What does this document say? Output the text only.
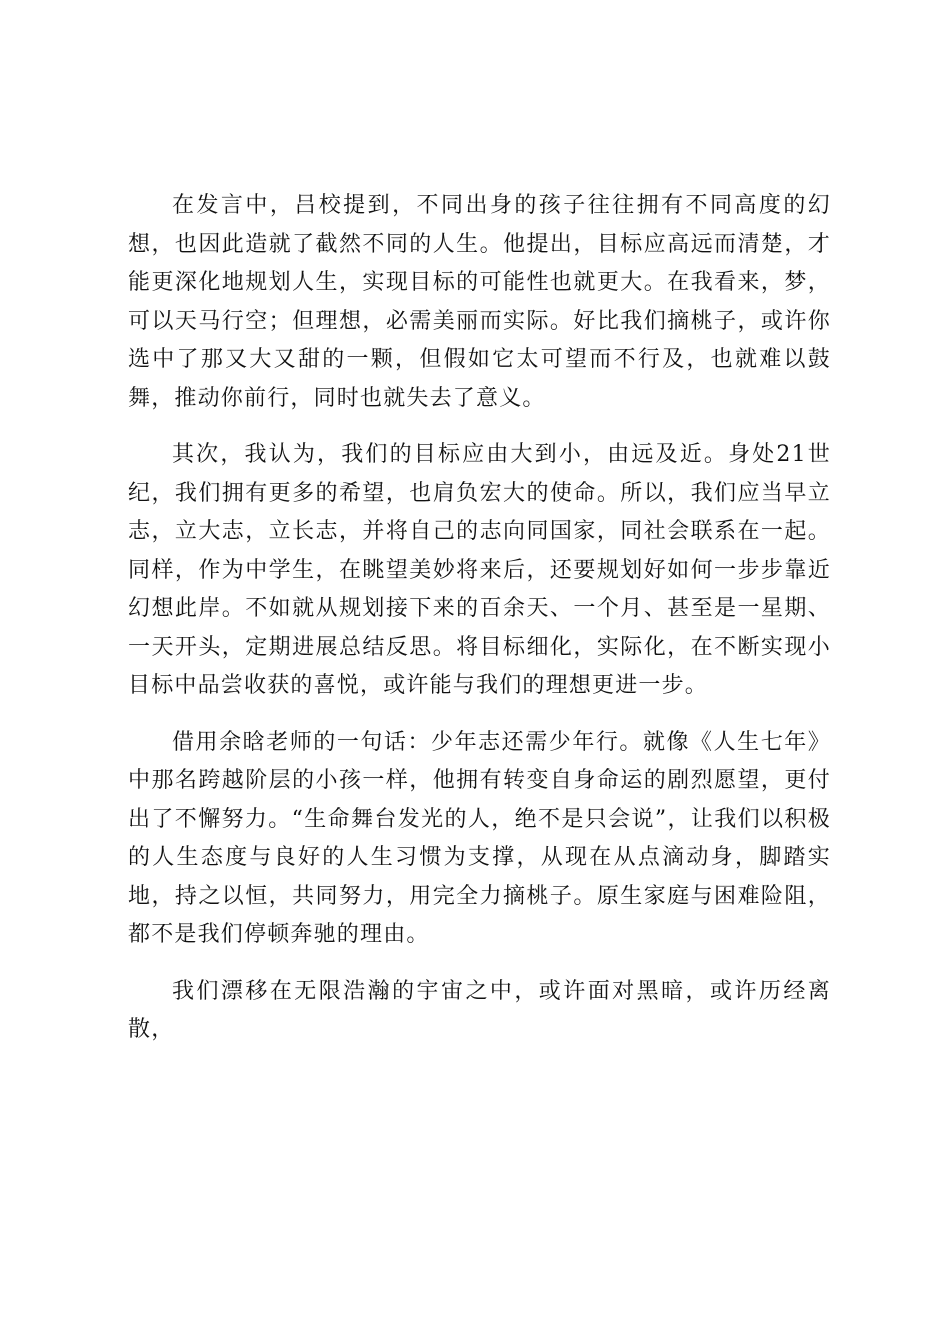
在发言中，吕校提到，不同出身的孩子往往拥有不同高度的幻想，也因此造就了截然不同的人生。他提出，目标应高远而清楚，才能更深化地规划人生，实现目标的可能性也就更大。在我看来，梦，可以天马行空；但理想，必需美丽而实际。好比我们摘桃子，或许你选中了那又大又甜的一颗，但假如它太可望而不行及，也就难以鼓舞，推动你前行，同时也就失去了意义。

其次，我认为，我们的目标应由大到小，由远及近。身处21世纪，我们拥有更多的希望，也肩负宏大的使命。所以，我们应当早立志，立大志，立长志，并将自己的志向同国家，同社会联系在一起。同样，作为中学生，在眺望美妙将来后，还要规划好如何一步步靠近幻想此岸。不如就从规划接下来的百余天、一个月、甚至是一星期、一天开头，定期进展总结反思。将目标细化，实际化，在不断实现小目标中品尝收获的喜悦，或许能与我们的理想更进一步。

借用余晗老师的一句话：少年志还需少年行。就像《人生七年》中那名跨越阶层的小孩一样，他拥有转变自身命运的剧烈愿望，更付出了不懈努力。“生命舞台发光的人，绝不是只会说”，让我们以积极的人生态度与良好的人生习惯为支撑，从现在从点滴动身，脚踏实地，持之以恒，共同努力，用完全力摘桃子。原生家庭与困难险阻，都不是我们停顿奔驰的理由。

我们漂移在无限浩瀚的宇宙之中，或许面对黑暗，或许历经离散，
